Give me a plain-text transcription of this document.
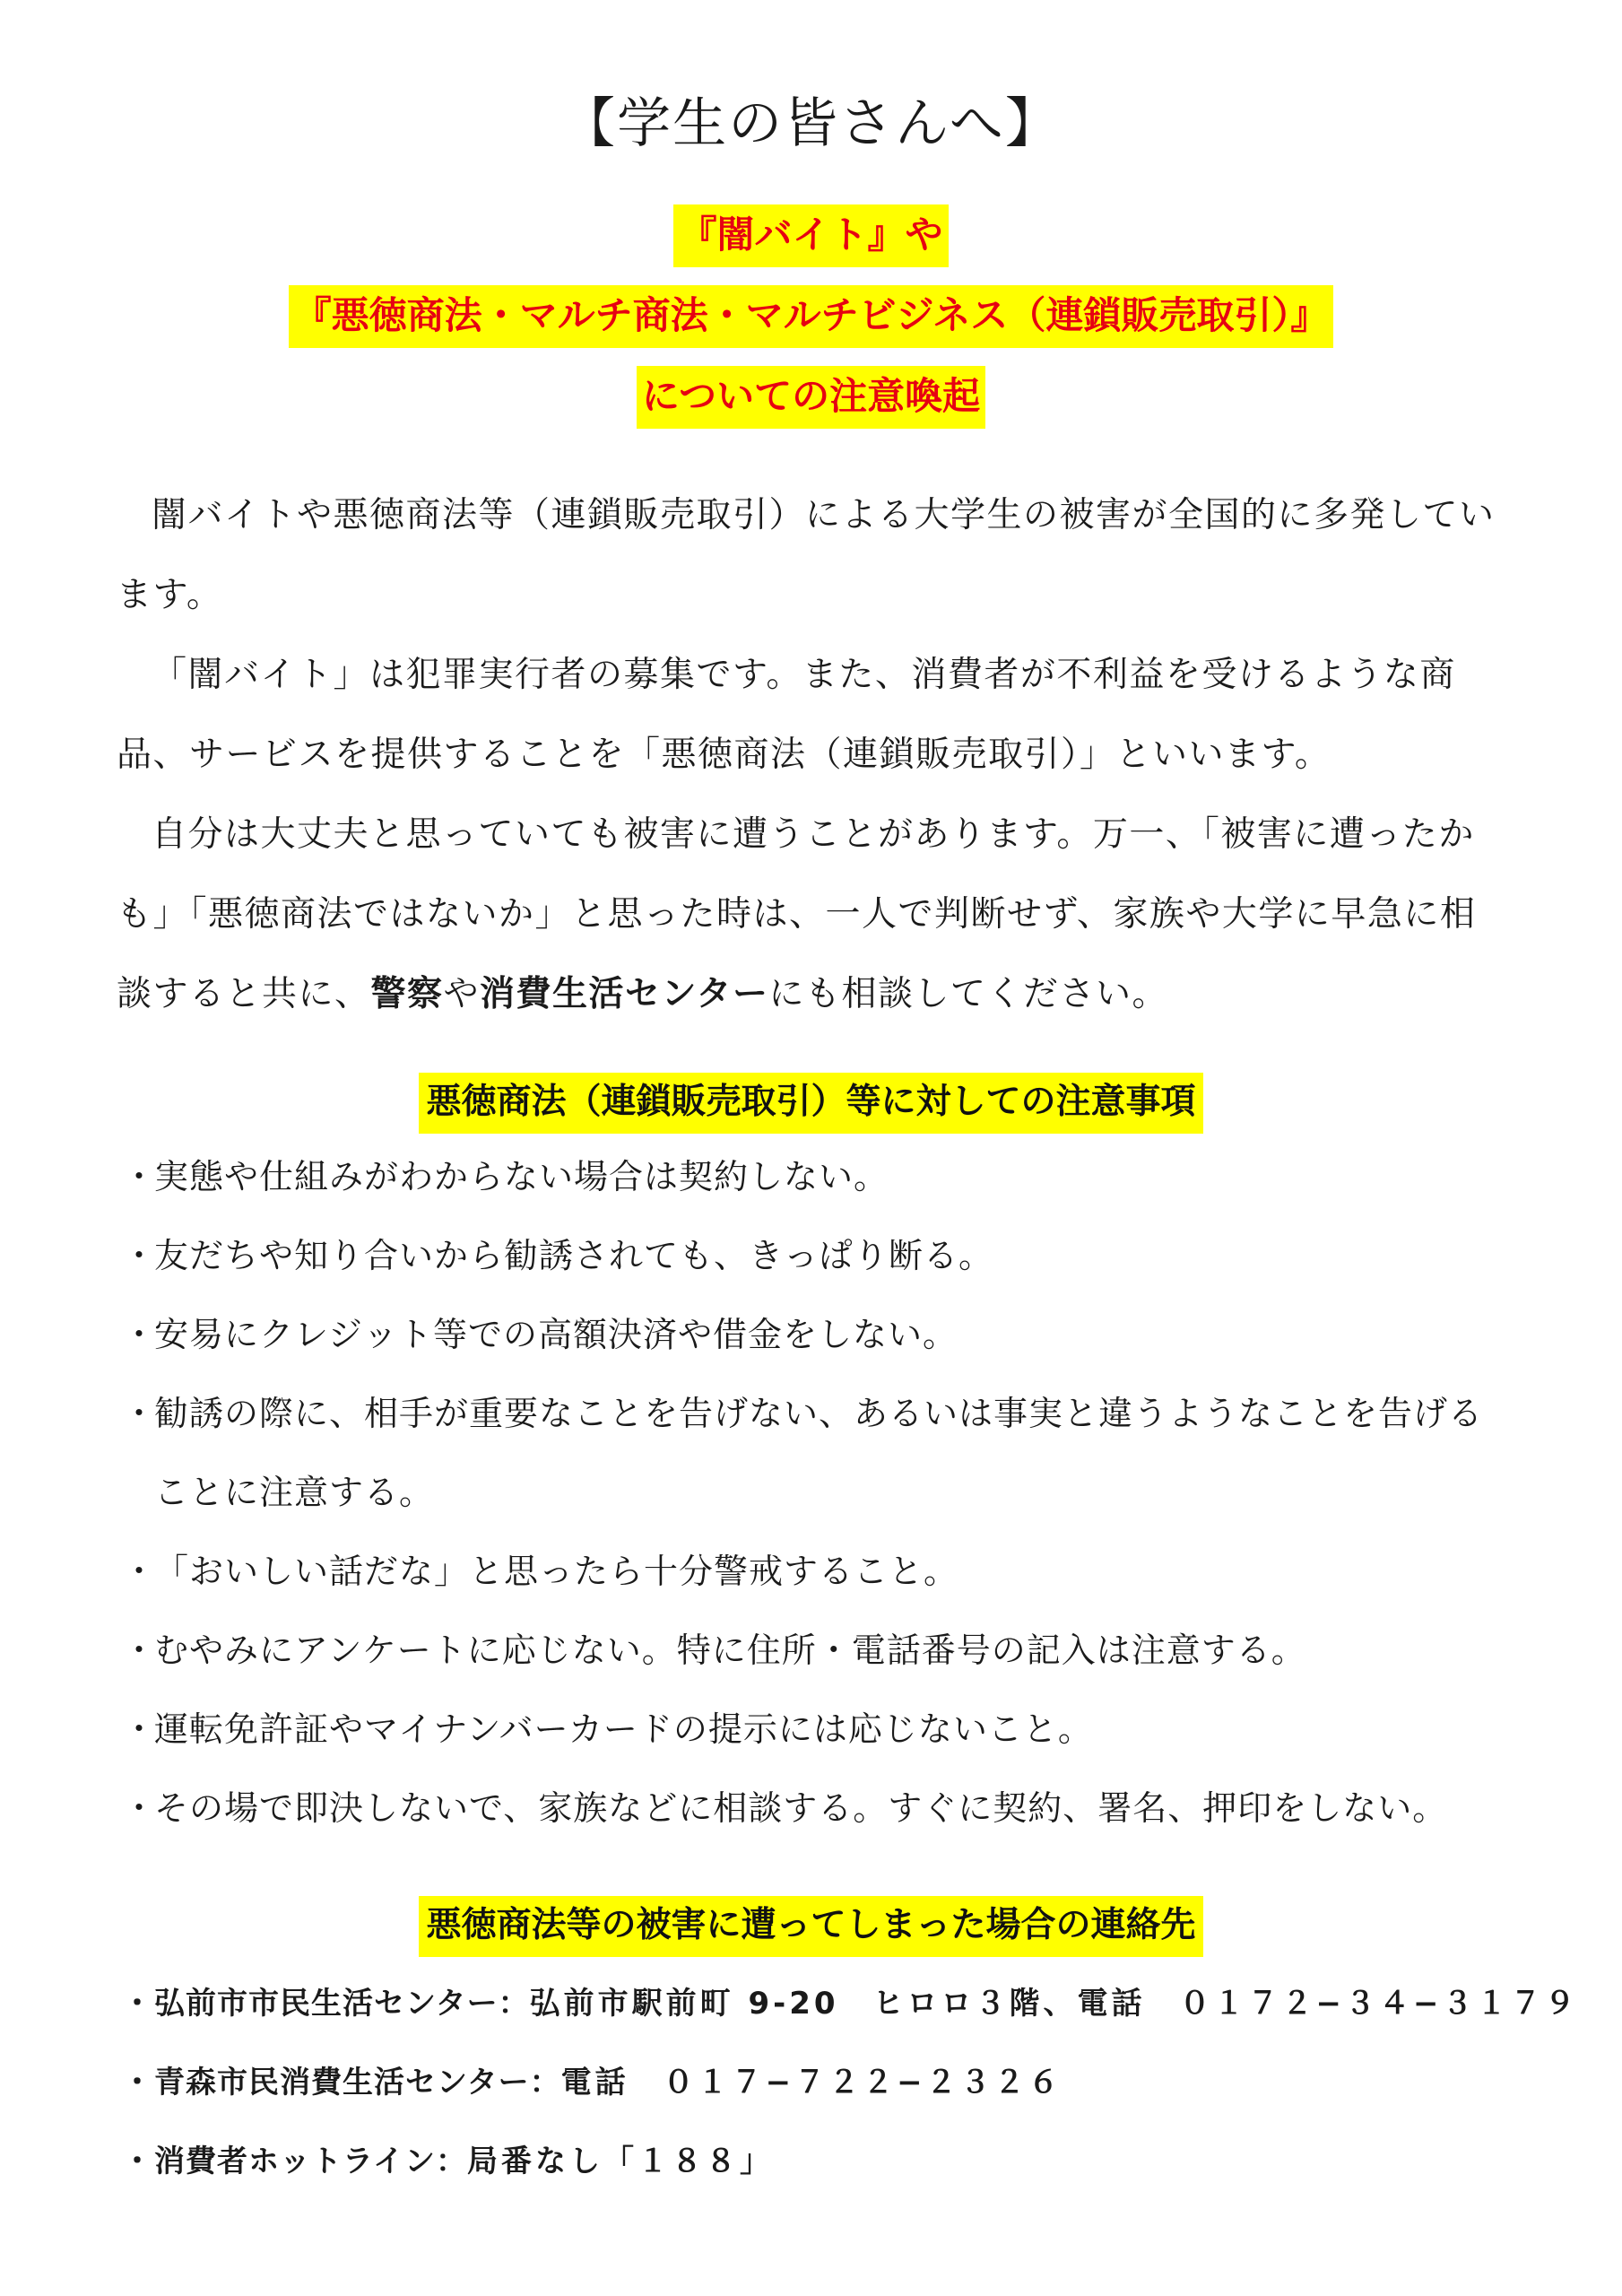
【学生の皆さんへ】
『闇バイト』や
『悪徳商法・マルチ商法・マルチビジネス（連鎖販売取引）』
についての注意喚起

闇バイトや悪徳商法等（連鎖販売取引）による大学生の被害が全国的に多発しています。

「闇バイト」は犯罪実行者の募集です。また、消費者が不利益を受けるような商品、サービスを提供することを「悪徳商法（連鎖販売取引）」といいます。

自分は大丈夫と思っていても被害に遭うことがあります。万一、「被害に遭ったかも」「悪徳商法ではないか」と思った時は、一人で判断せず、家族や大学に早急に相談すると共に、警察や消費生活センターにも相談してください。

悪徳商法（連鎖販売取引）等に対しての注意事項
・
実態や仕組みがわからない場合は契約しない。
・
友だちや知り合いから勧誘されても、きっぱり断る。
・
安易にクレジット等での高額決済や借金をしない。
・
勧誘の際に、相手が重要なことを告げない、あるいは事実と違うようなことを告げることに注意する。
・
「おいしい話だな」と思ったら十分警戒すること。
・
むやみにアンケートに応じない。特に住所・電話番号の記入は注意する。
・
運転免許証やマイナンバーカードの提示には応じないこと。
・
その場で即決しないで、家族などに相談する。すぐに契約、署名、押印をしない。
悪徳商法等の被害に遭ってしまった場合の連絡先
・ 弘前市市民生活センター：弘前市駅前町 9-20　ヒロロ３階、電話　０１７２−３４−３１７９
・ 青森市民消費生活センター：電話　０１７−７２２−２３２６
・ 消費者ホットライン：局番なし「１８８」
